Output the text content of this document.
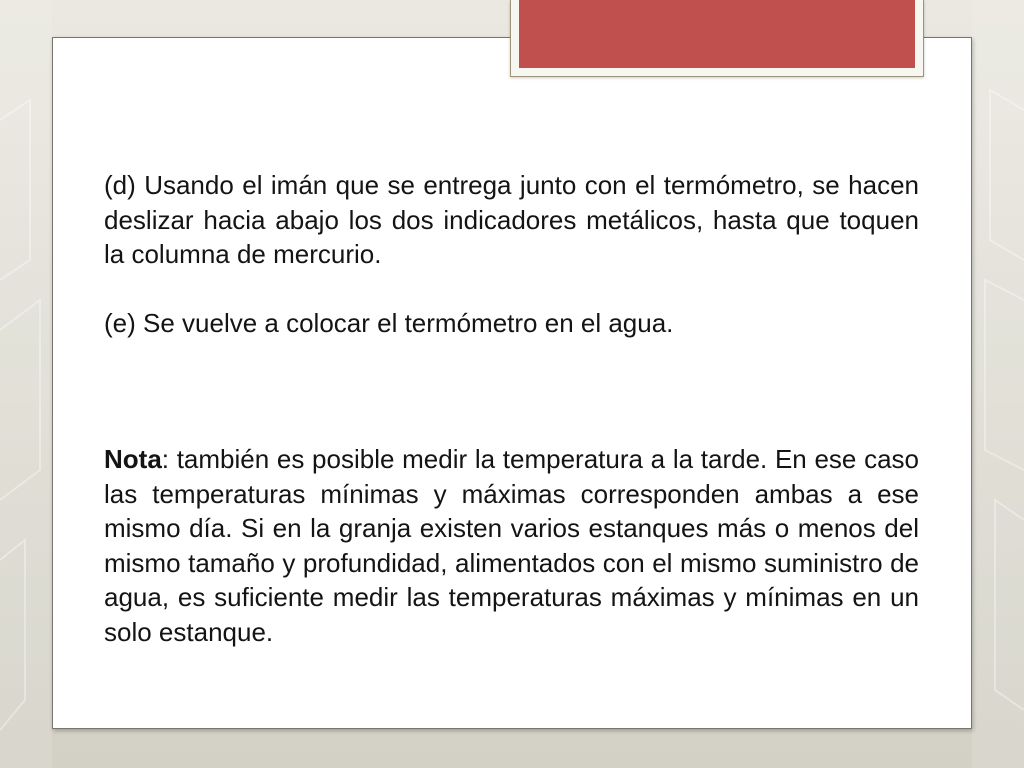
(d) Usando el imán que se entrega junto con el termómetro, se hacen deslizar hacia abajo los dos indicadores metálicos, hasta que toquen la columna de mercurio.

(e) Se vuelve a colocar el termómetro en el agua.

Nota: también es posible medir la temperatura a la tarde. En ese caso las temperaturas mínimas y máximas corresponden ambas a ese mismo día. Si en la granja existen varios estanques más o menos del mismo tamaño y profundidad, alimentados con el mismo suministro de agua, es suficiente medir las temperaturas máximas y mínimas en un solo estanque.
